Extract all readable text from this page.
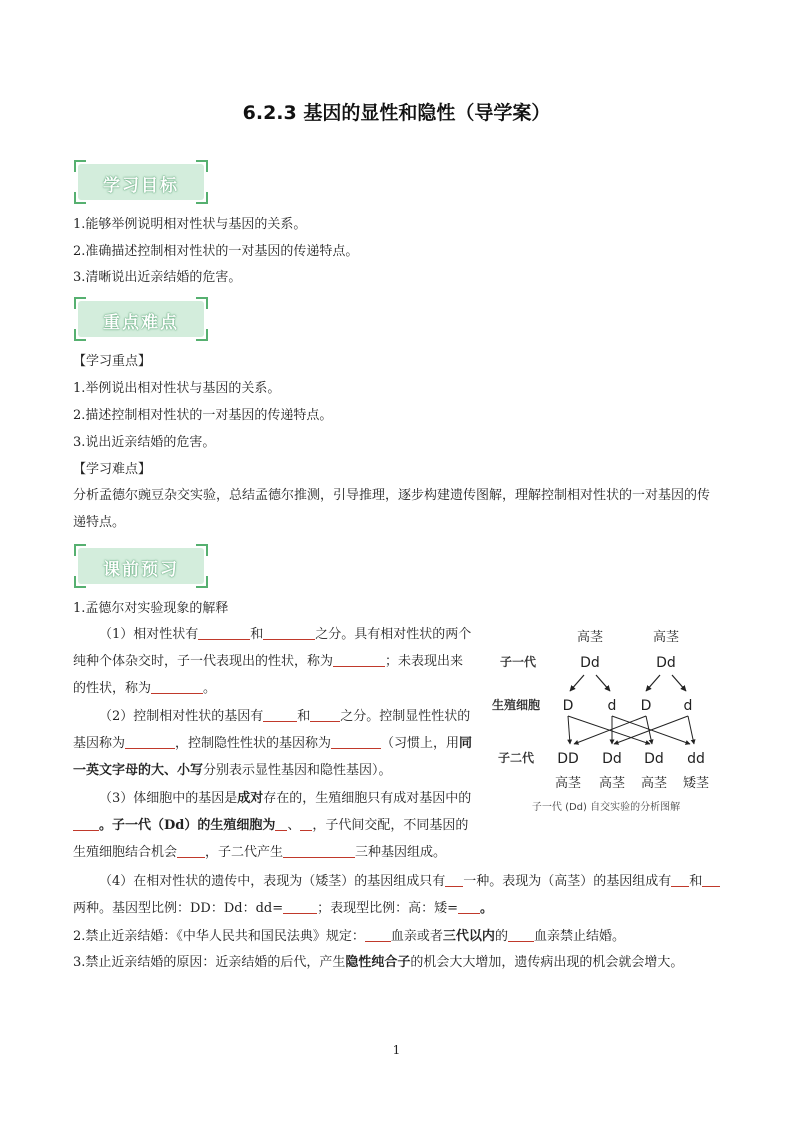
6.2.3 基因的显性和隐性（导学案）
学习目标
1.能够举例说明相对性状与基因的关系。
2.准确描述控制相对性状的一对基因的传递特点。
3.清晰说出近亲结婚的危害。
重点难点
【学习重点】
1.举例说出相对性状与基因的关系。
2.描述控制相对性状的一对基因的传递特点。
3.说出近亲结婚的危害。
【学习难点】
分析孟德尔豌豆杂交实验，总结孟德尔推测，引导推理，逐步构建遗传图解，理解控制相对性状的一对基因的传递特点。
课前预习
1.孟德尔对实验现象的解释
（1）相对性状有	和	之分。具有相对性状的两个纯种个体杂交时，子一代表现出的性状，称为	；未表现出来的性状，称为	。
（2）控制相对性状的基因有	和 之分。控制显性性状的基因称为	，控制隐性性状的基因称为	（习惯上，用同一英文字母的大、小写分别表示显性基因和隐性基因）。
（3）体细胞中的基因是成对存在的，生殖细胞只有成对基因中的。子一代（Dd）的生殖细胞为 、 ，子代间交配，不同基因的生殖细胞结合机会 ，子二代产生	三种基因组成。
（4）在相对性状的遗传中，表现为（矮茎）的基因组成只有 一种。表现为（高茎）的基因组成有 和两种。基因型比例：DD：Dd：dd=	；表现型比例：高：矮= 。
2.禁止近亲结婚：《中华人民共和国民法典》规定： 血亲或者三代以内的 血亲禁止结婚。
3.禁止近亲结婚的原因：近亲结婚的后代，产生隐性纯合子的机会大大增加，遗传病出现的机会就会增大。
高茎	高茎
子一代	Dd	Dd
生殖细胞 D d D d
子二代 DD Dd Dd dd
高茎 高茎 高茎 矮茎
子一代 (Dd) 自交实验的分析图解
1
